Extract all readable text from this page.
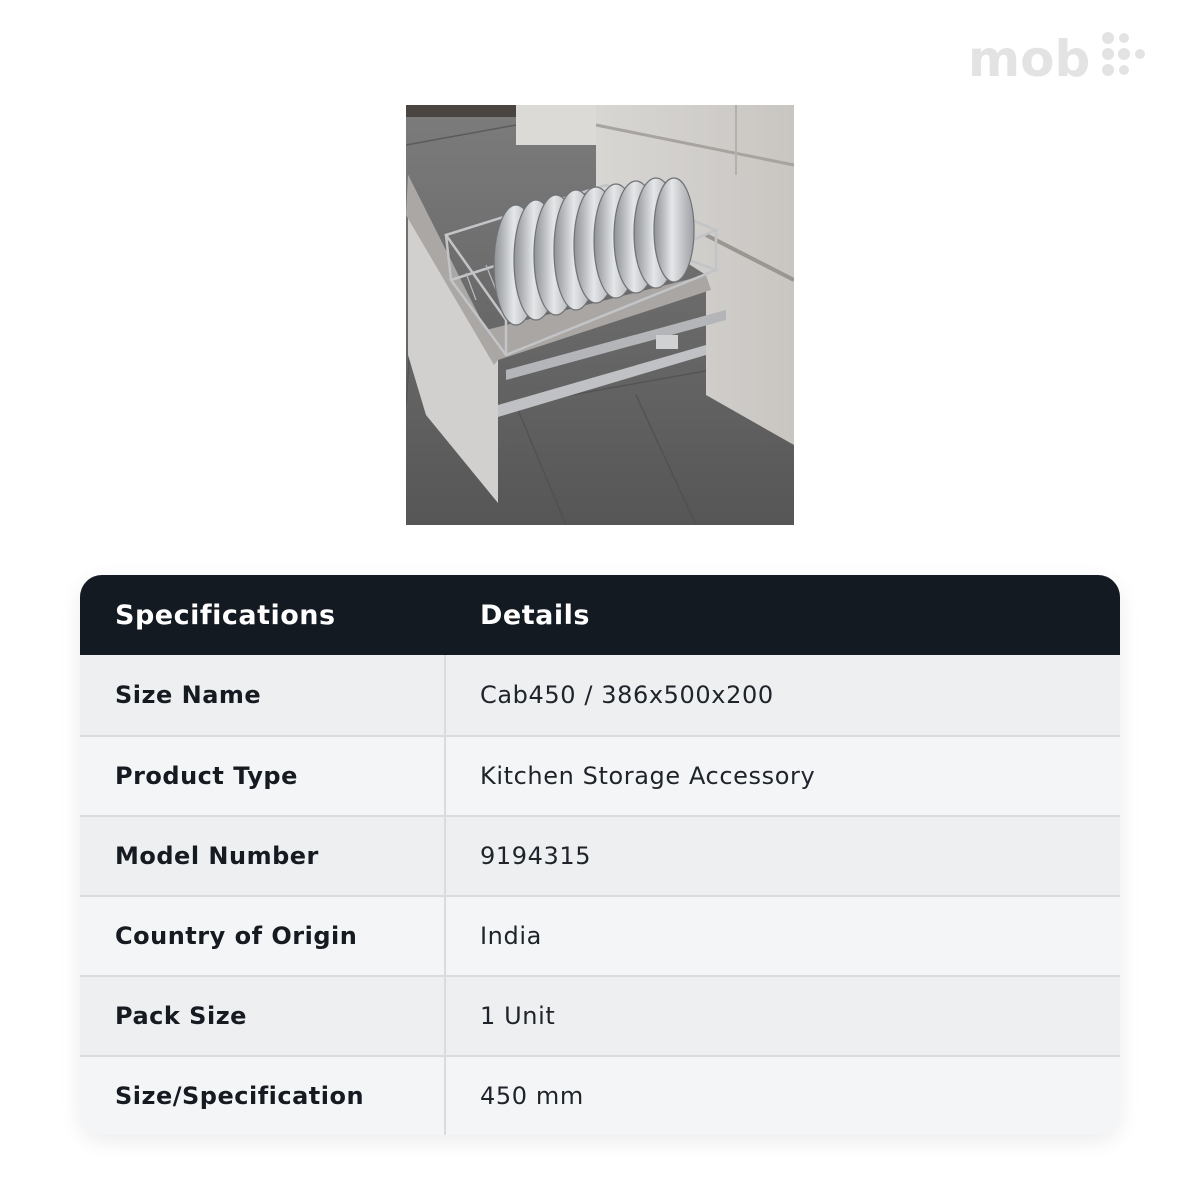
mob
Specifications	Details
Size Name	Cab450 / 386x500x200
Product Type	Kitchen Storage Accessory
Model Number	9194315
Country of Origin	India
Pack Size	1 Unit
Size/Specification	450 mm
